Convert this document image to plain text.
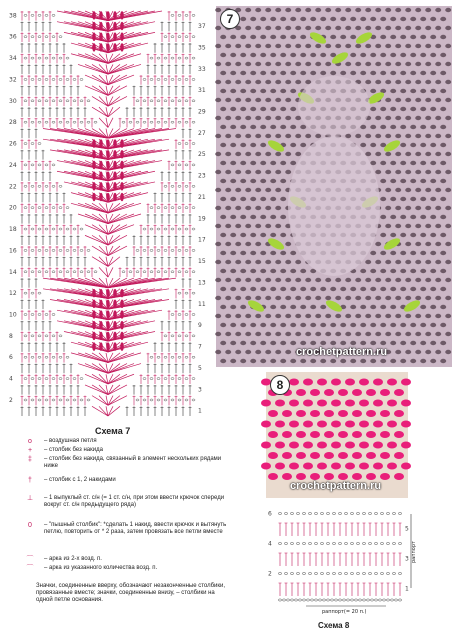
38
36
34
32
30
28
26
24
22
20
18
16
14
12
10
8
6
4
2
37
35
33
31
29
27
25
23
21
19
17
15
13
11
9
7
5
3
1
7
crochetpattern.ru
8
crochetpattern.ru
Схема 7
о	– воздушная петля
+	– столбик без накида
‡	– столбик без накида, связанный в элемент нескольких рядами ниже
†	– столбик с 1, 2 накидами
⊥ – 1 выпуклый ст. с/н (= 1 ст. с/н, при этом ввести крючок спереди вокруг ст. с/н предыдущего ряда)
0	– "пышный столбик": *сделать 1 накид, ввести крючок и вытянуть петлю, повторить от * 2 раза, затем провязать все петли вместе
⌒ – арка из 2-х возд. п.
⌒ – арка из указанного количества возд. п.
Значки, соединенные вверху, обозначают незаконченные столбики, провязанные вместе; значки, соединенные внизу, – столбики на одной петле основания.
6
4
2
5
3
1
раппорт
раппорт(= 20 п.)
Схема 8
